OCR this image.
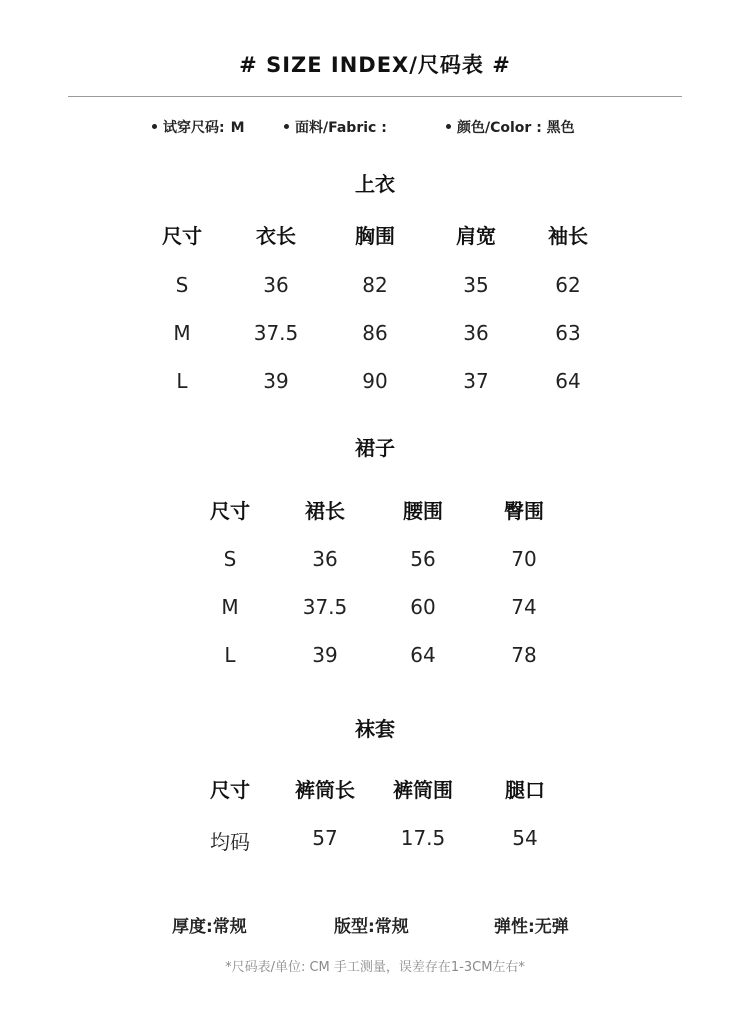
# SIZE INDEX/尺码表 #
试穿尺码: M	面料/Fabric :	颜色/Color : 黑色
上衣
尺寸	衣长	胸围	肩宽	袖长
S	36	82	35	62
M	37.5	86	36	63
L	39	90	37	64
裙子
尺寸	裙长	腰围	臀围
S	36	56	70
M	37.5	60	74
L	39	64	78
袜套
尺寸	裤筒长	裤筒围	腿口
均码	57	17.5	54
厚度:常规	版型:常规	弹性:无弹
*尺码表/单位: CM 手工测量，误差存在1-3CM左右*
